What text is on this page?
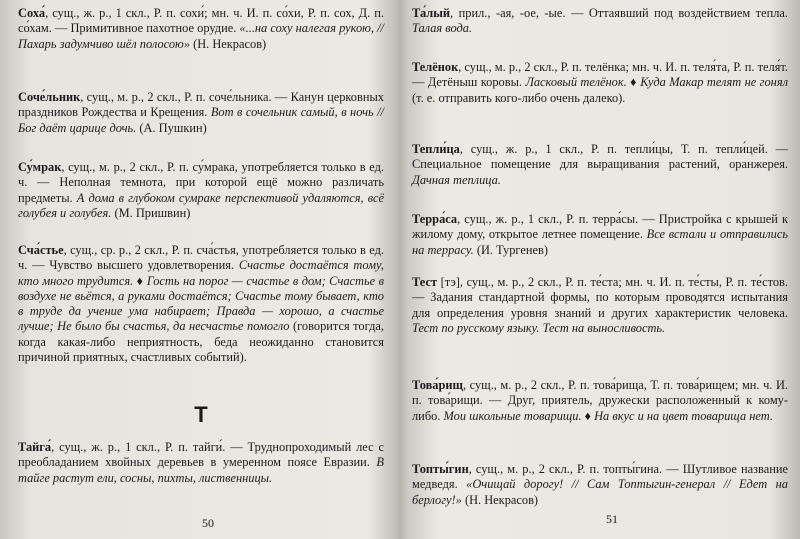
Соха́, сущ., ж. р., 1 скл., Р. п. сохи́; мн. ч. И. п. со́хи, Р. п. сох, Д. п. со́хам. — Примитивное пахотное орудие. «...на соху налегая рукою, // Пахарь задумчиво шёл полосою» (Н. Некрасов)

Соче́льник, сущ., м. р., 2 скл., Р. п. соче́льника. — Канун церковных праздников Рождества и Крещения. Вот в сочельник самый, в ночь // Бог даёт царице дочь. (А. Пушкин)

Су́мрак, сущ., м. р., 2 скл., Р. п. су́мрака, употребляется только в ед. ч. — Неполная темнота, при которой ещё можно различать предметы. А дома в глубоком сумраке перспективой удаляются, всё голубея и голубея. (М. Пришвин)

Сча́стье, сущ., ср. р., 2 скл., Р. п. сча́стья, употребляется только в ед. ч. — Чувство высшего удовлетворения. Счастье достаётся тому, кто много трудится. ♦ Гость на порог — счастье в дом; Счастье в воздухе не вьётся, а руками достаётся; Счастье тому бывает, кто в труде да учение ума набирает; Правда — хорошо, а счастье лучше; Не было бы счастья, да несчастье помогло (говорится тогда, когда какая-либо неприятность, беда неожиданно становится причиной приятных, счастливых событий).

Т

Тайга́, сущ., ж. р., 1 скл., Р. п. тайги́. — Труднопроходимый лес с преобладанием хвойных деревьев в умеренном поясе Евразии. В тайге растут ели, сосны, пихты, лиственницы.

50

Та́лый, прил., -ая, -ое, -ые. — Оттаявший под воздействием тепла. Талая вода.

Телёнок, сущ., м. р., 2 скл., Р. п. телёнка; мн. ч. И. п. теля́та, Р. п. теля́т. — Детёныш коровы. Ласковый телёнок. ♦ Куда Макар телят не гонял (т. е. отправить кого-либо очень далеко).

Тепли́ца, сущ., ж. р., 1 скл., Р. п. тепли́цы, Т. п. тепли́цей. — Специальное помещение для выращивания растений, оранжерея. Дачная теплица.

Терра́са, сущ., ж. р., 1 скл., Р. п. терра́сы. — Пристройка с крышей к жилому дому, открытое летнее помещение. Все встали и отправились на террасу. (И. Тургенев)

Тест [тэ], сущ., м. р., 2 скл., Р. п. те́ста; мн. ч. И. п. те́сты, Р. п. те́стов. — Задания стандартной формы, по которым проводятся испытания для определения уровня знаний и других характеристик человека. Тест по русскому языку. Тест на выносливость.

Това́рищ, сущ., м. р., 2 скл., Р. п. това́рища, Т. п. това́рищем; мн. ч. И. п. това́рищи. — Друг, приятель, дружески расположенный к кому-либо. Мои школьные товарищи. ♦ На вкус и на цвет товарища нет.

Топты́гин, сущ., м. р., 2 скл., Р. п. топты́гина. — Шутливое название медведя. «Очищай дорогу! // Сам Топтыгин-генерал // Едет на берлогу!» (Н. Некрасов)

51
